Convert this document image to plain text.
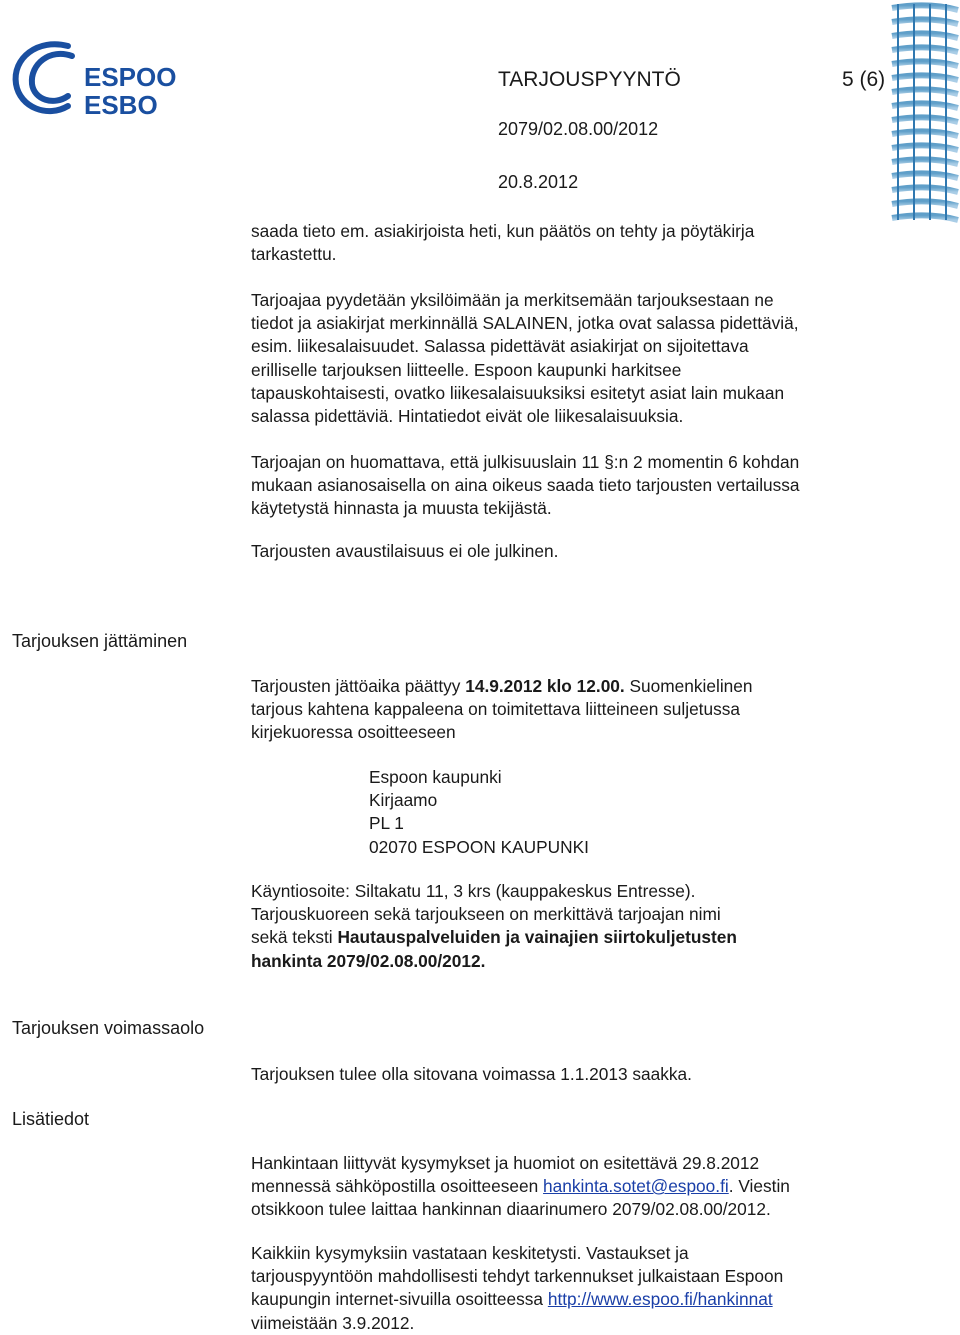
ESPOO
ESBO
TARJOUSPYYNTÖ	5 (6)
2079/02.08.00/2012
20.8.2012
saada tieto em. asiakirjoista heti, kun päätös on tehty ja pöytäkirja
tarkastettu.
Tarjoajaa pyydetään yksilöimään ja merkitsemään tarjouksestaan ne
tiedot ja asiakirjat merkinnällä SALAINEN, jotka ovat salassa pidettäviä,
esim. liikesalaisuudet. Salassa pidettävät asiakirjat on sijoitettava
erilliselle tarjouksen liitteelle. Espoon kaupunki harkitsee
tapauskohtaisesti, ovatko liikesalaisuuksiksi esitetyt asiat lain mukaan
salassa pidettäviä. Hintatiedot eivät ole liikesalaisuuksia.
Tarjoajan on huomattava, että julkisuuslain 11 §:n 2 momentin 6 kohdan
mukaan asianosaisella on aina oikeus saada tieto tarjousten vertailussa
käytetystä hinnasta ja muusta tekijästä.
Tarjousten avaustilaisuus ei ole julkinen.
Tarjouksen jättäminen
Tarjousten jättöaika päättyy 14.9.2012 klo 12.00. Suomenkielinen
tarjous kahtena kappaleena on toimitettava liitteineen suljetussa
kirjekuoressa osoitteeseen
Espoon kaupunki
Kirjaamo
PL 1
02070 ESPOON KAUPUNKI
Käyntiosoite: Siltakatu 11, 3 krs (kauppakeskus Entresse).
Tarjouskuoreen sekä tarjoukseen on merkittävä tarjoajan nimi
sekä teksti Hautauspalveluiden ja vainajien siirtokuljetusten
hankinta 2079/02.08.00/2012.
Tarjouksen voimassaolo
Tarjouksen tulee olla sitovana voimassa 1.1.2013 saakka.
Lisätiedot
Hankintaan liittyvät kysymykset ja huomiot on esitettävä 29.8.2012
mennessä sähköpostilla osoitteeseen hankinta.sotet@espoo.fi. Viestin
otsikkoon tulee laittaa hankinnan diaarinumero 2079/02.08.00/2012.
Kaikkiin kysymyksiin vastataan keskitetysti. Vastaukset ja
tarjouspyyntöön mahdollisesti tehdyt tarkennukset julkaistaan Espoon
kaupungin internet-sivuilla osoitteessa http://www.espoo.fi/hankinnat
viimeistään 3.9.2012.
